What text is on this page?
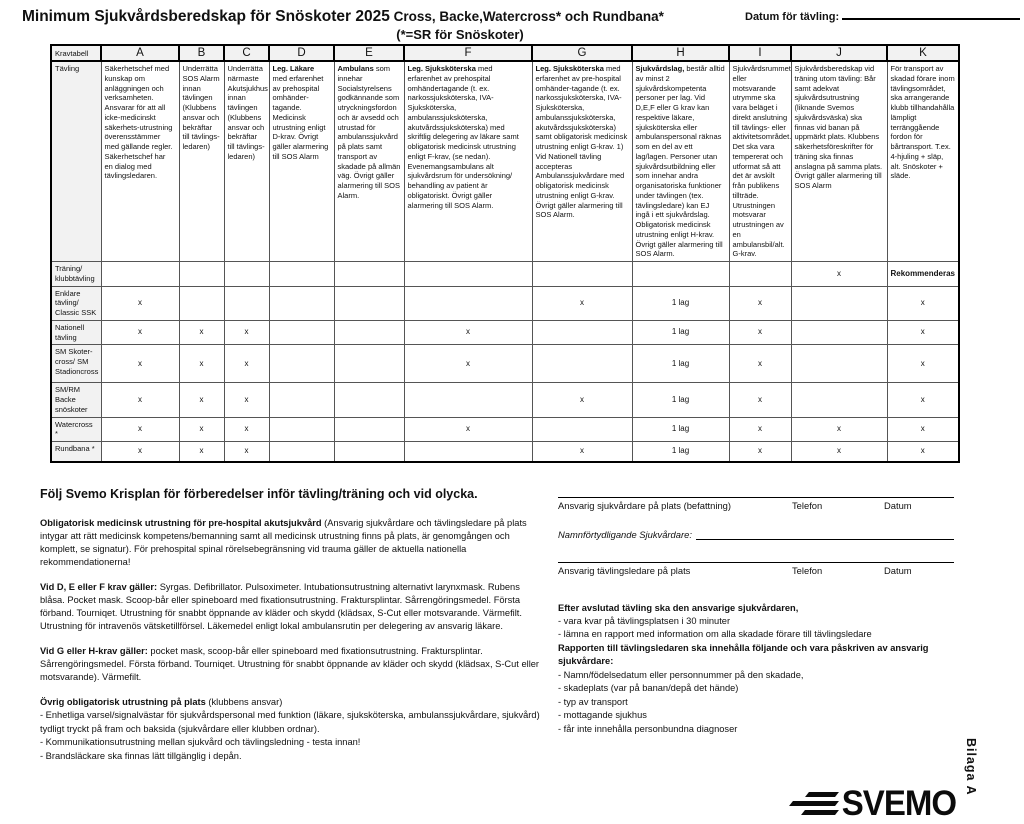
Minimum Sjukvårdsberedskap för Snöskoter 2025 Cross, Backe,Watercross* och Rundbana*
(*=SR för Snöskoter)
Datum för tävling:
Kravtabell	A	B	C	D	E	F	G	H	I	J	K
Tävling	Säkerhetschef med kunskap om anläggningen och verksamheten. Ansvarar för att all icke-medicinskt säkerhets-utrustning överensstämmer med gällande regler. Säkerhetschef har en dialog med tävlingsledaren.	Underrätta SOS Alarm innan tävlingen (Klubbens ansvar och bekräftar till tävlings-ledaren)	Underrätta närmaste Akutsjukhus innan tävlingen (Klubbens ansvar och bekräftar till tävlings-ledaren)	Leg. Läkare med erfarenhet av prehospital omhänder-tagande. Medicinsk utrustning enligt D-krav. Övrigt gäller alarmering till SOS Alarm	Ambulans som innehar Socialstyrelsens godkännande som utryckningsfordon och är avsedd och utrustad för ambulanssjukvård på plats samt transport av skadade på allmän väg. Övrigt gäller alarmering till SOS Alarm.	Leg. Sjuksköterska med erfarenhet av prehospital omhändertagande (t. ex. narkossjuksköterska, IVA-Sjuksköterska, ambulanssjuksköterska, akutvårdssjuksköterska) med skriftlig delegering av läkare samt obligatorisk medicinsk utrustning enligt F-krav, (se nedan). Evenemangsambulans alt sjukvårdsrum för undersökning/ behandling av patient är obligatoriskt. Övrigt gäller alarmering till SOS Alarm.	Leg. Sjuksköterska med erfarenhet av pre-hospital omhänder-tagande (t. ex. narkossjuksköterska, IVA-Sjuksköterska, ambulanssjuksköterska, akutvårdssjuksköterska) samt obligatorisk medicinsk utrustning enligt G-krav. 1) Vid Nationell tävling accepteras Ambulanssjukvårdare med obligatorisk medicinsk utrustning enligt G-krav. Övrigt gäller alarmering till SOS Alarm.	Sjukvårdslag, består alltid av minst 2 sjukvårdskompetenta personer per lag. Vid D,E,F eller G krav kan respektive läkare, sjuksköterska eller ambulanspersonal räknas som en del av ett lag/lagen. Personer utan sjukvårdsutbildning eller som innehar andra organisatoriska funktioner under tävlingen (tex. tävlingsledare) kan EJ ingå i ett sjukvårdslag. Obligatorisk medicinsk utrustning enligt H-krav. Övrigt gäller alarmering till SOS Alarm.	Sjukvårdsrummet eller motsvarande utrymme ska vara beläget i direkt anslutning till tävlings- eller aktivitetsområdet. Det ska vara tempererat och utformat så att det är avskilt från publikens tillträde. Utrustningen motsvarar utrustningen av en ambulansbil/alt. G-krav.	Sjukvårdsberedskap vid träning utom tävling: Bår samt adekvat sjukvårdsutrustning (liknande Svemos sjukvårdsväska) ska finnas vid banan på uppmärkt plats. Klubbens säkerhetsföreskrifter för träning ska finnas anslagna på samma plats. Övrigt gäller alarmering till SOS Alarm	För transport av skadad förare inom tävlingsområdet, ska arrangerande klubb tillhandahålla lämpligt terränggående fordon för bårtransport. T.ex. 4-hjuling + släp, alt. Snöskoter + släde.
Träning/ klubbtävling										x	Rekommenderas
Enklare tävling/ Classic SSK	x						x	1 lag	x		x
Nationell tävling	x	x	x			x		1 lag	x		x
SM Skoter-cross/ SM Stadioncross	x	x	x			x		1 lag	x		x
SM/RM Backe snöskoter	x	x	x				x	1 lag	x		x
Watercross *	x	x	x			x		1 lag	x	x	x
Rundbana *	x	x	x				x	1 lag	x	x	x
Följ Svemo Krisplan för förberedelser inför tävling/träning och vid olycka.

Obligatorisk medicinsk utrustning för pre-hospital akutsjukvård (Ansvarig sjukvårdare och tävlingsledare på plats intygar att rätt medicinsk kompetens/bemanning samt all medicinsk utrustning finns på plats, är genomgången och komplett, se signatur). För prehospital spinal rörelsebegränsning vid trauma gäller de aktuella nationella rekommendationerna!

Vid D, E eller F krav gäller: Syrgas. Defibrillator. Pulsoximeter. Intubationsutrustning alternativt larynxmask. Rubens blåsa. Pocket mask. Scoop-bår eller spineboard med fixationsutrustning. Fraktursplintar. Sårrengöringsmedel. Första förband. Tourniqet. Utrustning för snabbt öppnande av kläder och skydd (klädsax, S-Cut eller motsvarande. Värmefilt. Utrustning för intravenös vätsketillförsel. Läkemedel enligt lokal ambulansrutin per delegering av ansvarig läkare.

Vid G eller H-krav gäller: pocket mask, scoop-bår eller spineboard med fixationsutrustning. Fraktursplintar. Sårrengöringsmedel. Första förband. Tourniqet. Utrustning för snabbt öppnande av kläder och skydd (klädsax, S-Cut eller motsvarande). Värmefilt.

Övrig obligatorisk utrustning på plats (klubbens ansvar)
- Enhetliga varsel/signalvästar för sjukvårdspersonal med funktion (läkare, sjuksköterska, ambulanssjukvårdare, sjukvård) tydligt tryckt på fram och baksida (sjukvårdare eller klubben ordnar).
- Kommunikationsutrustning mellan sjukvård och tävlingsledning - testa innan!
- Brandsläckare ska finnas lätt tillgänglig i depån.
Ansvarig sjukvårdare på plats (befattning)	Telefon	Datum
Namnförtydligande Sjukvårdare:
Ansvarig tävlingsledare på plats	Telefon	Datum
Efter avslutad tävling ska den ansvarige sjukvårdaren,
- vara kvar på tävlingsplatsen i 30 minuter
- lämna en rapport med information om alla skadade förare till tävlingsledare
Rapporten till tävlingsledaren ska innehålla följande och vara påskriven av ansvarig sjukvårdare:
- Namn/födelsedatum eller personnummer på den skadade,
- skadeplats (var på banan/depå det hände)
- typ av transport
- mottagande sjukhus
- får inte innehålla personbundna diagnoser
SVEMO
Bilaga A
